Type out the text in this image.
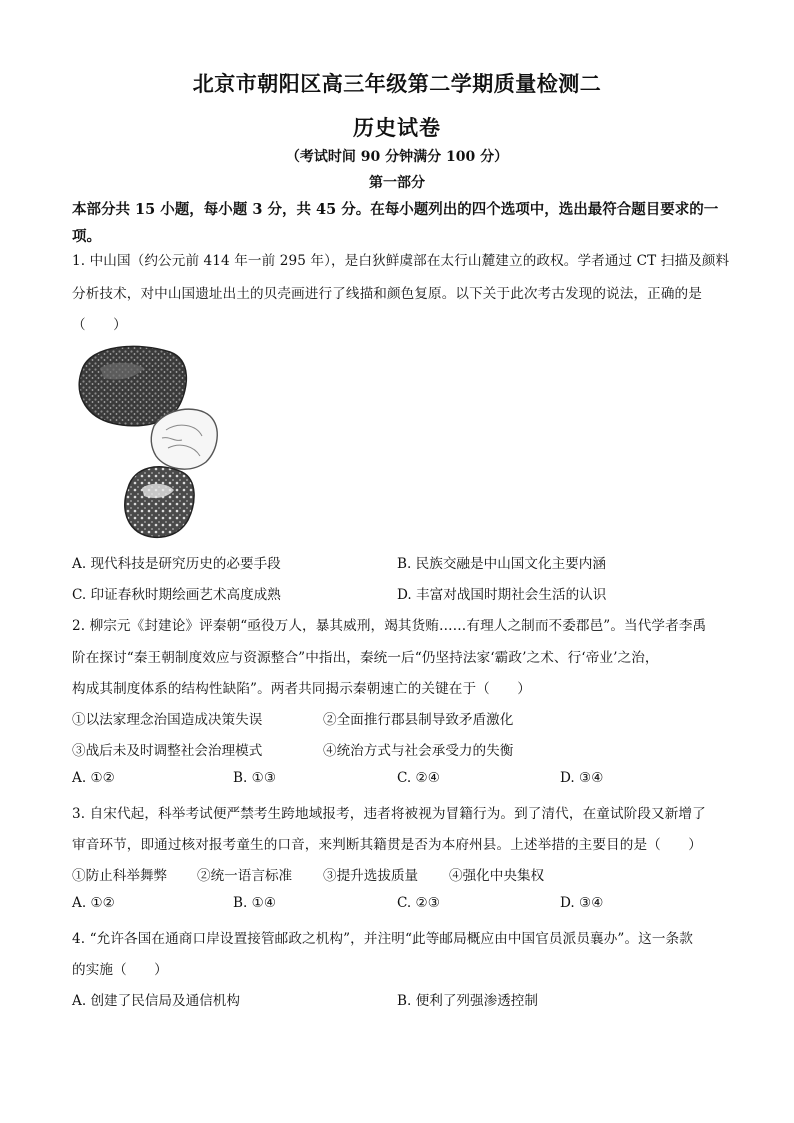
北京市朝阳区高三年级第二学期质量检测二
历史试卷
（考试时间 90 分钟满分 100 分）
第一部分
本部分共 15 小题，每小题 3 分，共 45 分。在每小题列出的四个选项中，选出最符合题目要求的一项。
1. 中山国（约公元前 414 年一前 295 年），是白狄鲜虞部在太行山麓建立的政权。学者通过 CT 扫描及颜料
分析技术，对中山国遗址出土的贝壳画进行了线描和颜色复原。以下关于此次考古发现的说法，正确的是
（　　）
A. 现代科技是研究历史的必要手段	B. 民族交融是中山国文化主要内涵
C. 印证春秋时期绘画艺术高度成熟	D. 丰富对战国时期社会生活的认识
2. 柳宗元《封建论》评秦朝“亟役万人，暴其威刑，竭其货贿……有理人之制而不委郡邑”。当代学者李禹
阶在探讨“秦王朝制度效应与资源整合”中指出，秦统一后“仍坚持法家‘霸政’之术、行‘帝业’之治，
构成其制度体系的结构性缺陷”。两者共同揭示秦朝速亡的关键在于（　　）
①以法家理念治国造成决策失误	②全面推行郡县制导致矛盾激化
③战后未及时调整社会治理模式	④统治方式与社会承受力的失衡
A. ①②	B. ①③	C. ②④	D. ③④
3. 自宋代起，科举考试便严禁考生跨地域报考，违者将被视为冒籍行为。到了清代，在童试阶段又新增了
审音环节，即通过核对报考童生的口音，来判断其籍贯是否为本府州县。上述举措的主要目的是（　　）
①防止科举舞弊 ②统一语言标准 ③提升选拔质量 ④强化中央集权
A. ①②	B. ①④	C. ②③	D. ③④
4. “允许各国在通商口岸设置接管邮政之机构”，并注明“此等邮局概应由中国官员派员襄办”。这一条款
的实施（　　）
A. 创建了民信局及通信机构	B. 便利了列强渗透控制
